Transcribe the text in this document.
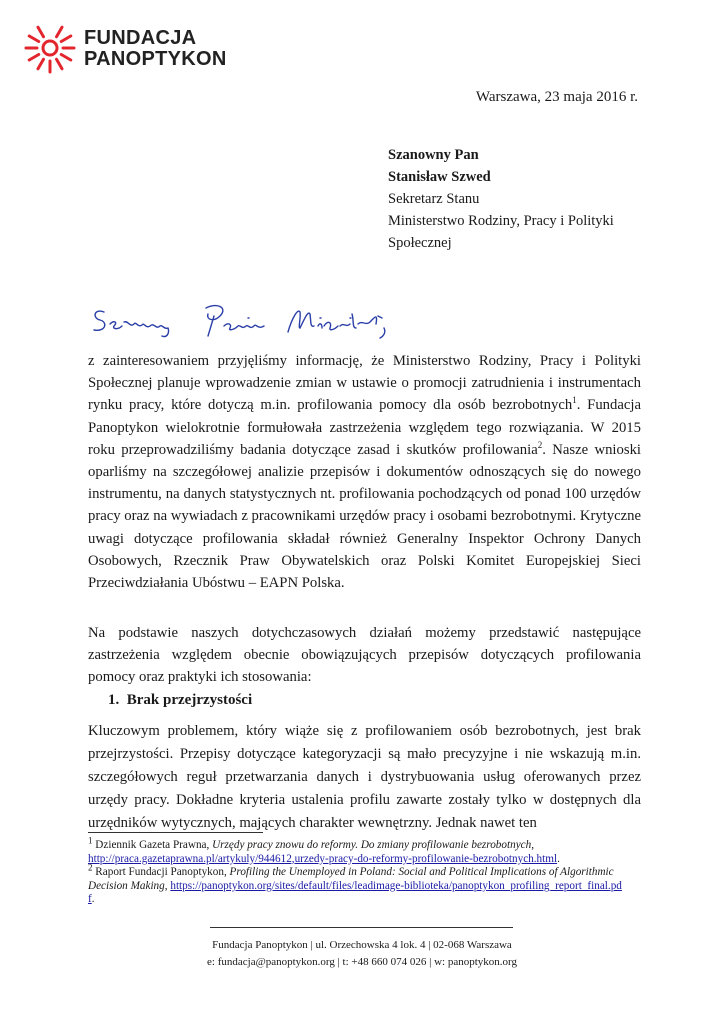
FUNDACJA
PANOPTYKON
Warszawa, 23 maja 2016 r.
Szanowny Pan
Stanisław Szwed
Sekretarz Stanu
Ministerstwo Rodziny, Pracy i Polityki
Społecznej

z zainteresowaniem przyjęliśmy informację, że Ministerstwo Rodziny, Pracy i Polityki Społecznej planuje wprowadzenie zmian w ustawie o promocji zatrudnienia i instrumentach rynku pracy, które dotyczą m.in. profilowania pomocy dla osób bezrobotnych$^1$. Fundacja Panoptykon wielokrotnie formułowała zastrzeżenia względem tego rozwiązania. W 2015 roku przeprowadziliśmy badania dotyczące zasad i skutków profilowania$^2$. Nasze wnioski oparliśmy na szczegółowej analizie przepisów i dokumentów odnoszących się do nowego instrumentu, na danych statystycznych nt. profilowania pochodzących od ponad 100 urzędów pracy oraz na wywiadach z pracownikami urzędów pracy i osobami bezrobotnymi. Krytyczne uwagi dotyczące profilowania składał również Generalny Inspektor Ochrony Danych Osobowych, Rzecznik Praw Obywatelskich oraz Polski Komitet Europejskiej Sieci Przeciwdziałania Ubóstwu – EAPN Polska.

Na podstawie naszych dotychczasowych działań możemy przedstawić następujące zastrzeżenia względem obecnie obowiązujących przepisów dotyczących profilowania pomocy oraz praktyki ich stosowania:

1.  Brak przejrzystości

Kluczowym problemem, który wiąże się z profilowaniem osób bezrobotnych, jest brak przejrzystości. Przepisy dotyczące kategoryzacji są mało precyzyjne i nie wskazują m.in. szczegółowych reguł przetwarzania danych i dystrybuowania usług oferowanych przez urzędy pracy. Dokładne kryteria ustalenia profilu zawarte zostały tylko w dostępnych dla urzędników wytycznych, mających charakter wewnętrzny. Jednak nawet ten

$^1$ Dziennik Gazeta Prawna, Urzędy pracy znowu do reformy. Do zmiany profilowanie bezrobotnych, http://praca.gazetaprawna.pl/artykuly/944612,urzedy-pracy-do-reformy-profilowanie-bezrobotnych.html.

$^2$ Raport Fundacji Panoptykon, Profiling the Unemployed in Poland: Social and Political Implications of Algorithmic Decision Making, https://panoptykon.org/sites/default/files/leadimage-biblioteka/panoptykon_profiling_report_final.pdf.

Fundacja Panoptykon | ul. Orzechowska 4 lok. 4 | 02-068 Warszawa
e: fundacja@panoptykon.org | t: +48 660 074 026 | w: panoptykon.org
